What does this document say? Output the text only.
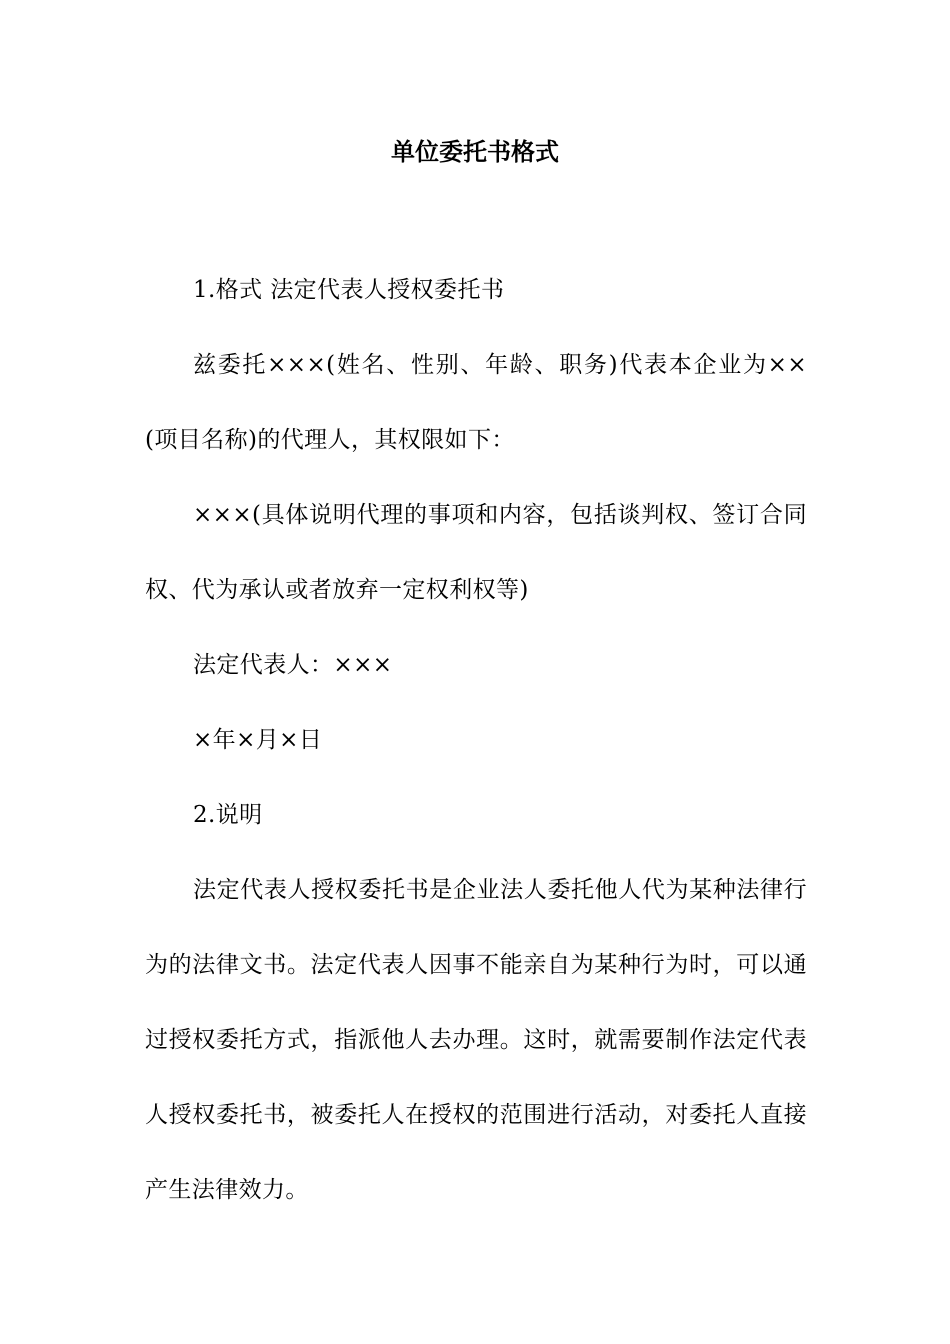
单位委托书格式

1.格式 法定代表人授权委托书

兹委托×××(姓名、性别、年龄、职务)代表本企业为××(项目名称)的代理人，其权限如下：

×××(具体说明代理的事项和内容，包括谈判权、签订合同权、代为承认或者放弃一定权利权等)

法定代表人：×××

×年×月×日

2.说明

法定代表人授权委托书是企业法人委托他人代为某种法律行为的法律文书。法定代表人因事不能亲自为某种行为时，可以通过授权委托方式，指派他人去办理。这时，就需要制作法定代表人授权委托书，被委托人在授权的范围进行活动，对委托人直接产生法律效力。
